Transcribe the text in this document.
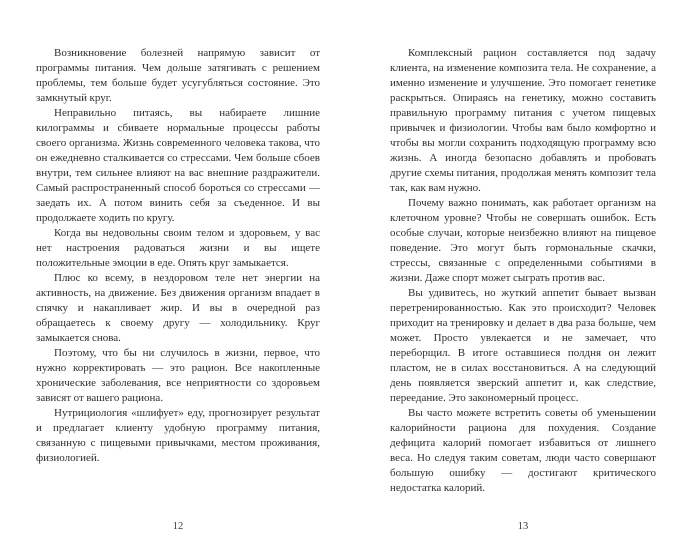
Возникновение болезней напрямую зависит от программы питания. Чем дольше затягивать с решением проблемы, тем больше будет усугубляться состояние. Это замкнутый круг.

Неправильно питаясь, вы набираете лишние килограммы и сбиваете нормальные процессы работы своего организма. Жизнь современного человека такова, что он ежедневно сталкивается со стрессами. Чем больше сбоев внутри, тем сильнее влияют на вас внешние раздражители. Самый распространенный способ бороться со стрессами — заедать их. А потом винить себя за съеденное. И вы продолжаете ходить по кругу.

Когда вы недовольны своим телом и здоровьем, у вас нет настроения радоваться жизни и вы ищете положительные эмоции в еде. Опять круг замыкается.

Плюс ко всему, в нездоровом теле нет энергии на активность, на движение. Без движения организм впадает в спячку и накапливает жир. И вы в очередной раз обращаетесь к своему другу — холодильнику. Круг замыкается снова.

Поэтому, что бы ни случилось в жизни, первое, что нужно корректировать — это рацион. Все накопленные хронические заболевания, все неприятности со здоровьем зависят от вашего рациона.

Нутрициология «шлифует» еду, прогнозирует результат и предлагает клиенту удобную программу питания, связанную с пищевыми привычками, местом проживания, физиологией.

12

Комплексный рацион составляется под задачу клиента, на изменение композита тела. Не сохранение, а именно изменение и улучшение. Это помогает генетике раскрыться. Опираясь на генетику, можно составить правильную программу питания с учетом пищевых привычек и физиологии. Чтобы вам было комфортно и чтобы вы могли сохранить подходящую программу всю жизнь. А иногда безопасно добавлять и пробовать другие схемы питания, продолжая менять композит тела так, как вам нужно.

Почему важно понимать, как работает организм на клеточном уровне? Чтобы не совершать ошибок. Есть особые случаи, которые неизбежно влияют на пищевое поведение. Это могут быть гормональные скачки, стрессы, связанные с определенными событиями в жизни. Даже спорт может сыграть против вас.

Вы удивитесь, но жуткий аппетит бывает вызван перетренированностью. Как это происходит? Человек приходит на тренировку и делает в два раза больше, чем может. Просто увлекается и не замечает, что переборщил. В итоге оставшиеся полдня он лежит пластом, не в силах восстановиться. А на следующий день появляется зверский аппетит и, как следствие, переедание. Это закономерный процесс.

Вы часто можете встретить советы об уменьшении калорийности рациона для похудения. Создание дефицита калорий помогает избавиться от лишнего веса. Но следуя таким советам, люди часто совершают большую ошибку — достигают критического недостатка калорий.

13
